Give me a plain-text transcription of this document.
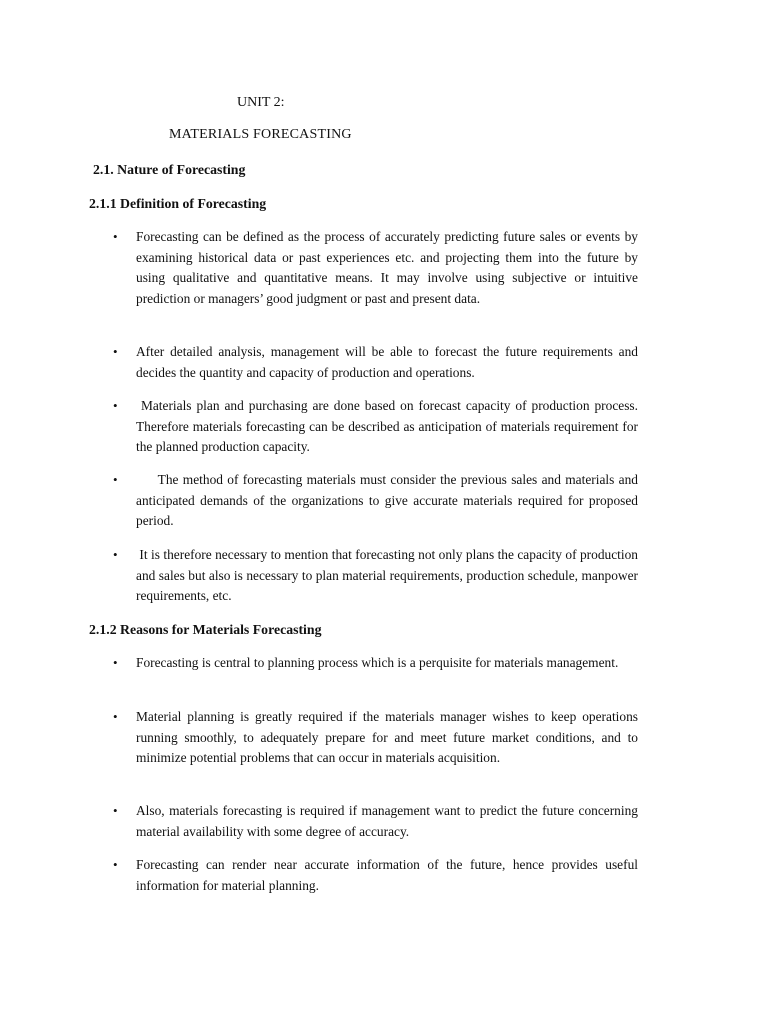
UNIT 2:
MATERIALS FORECASTING
2.1. Nature of Forecasting
2.1.1 Definition of Forecasting
•	Forecasting can be defined as the process of accurately predicting future sales or events by examining historical data or past experiences etc. and projecting them into the future by using qualitative and quantitative means. It may involve using subjective or intuitive prediction or managers’ good judgment or past and present data.
•	After detailed analysis, management will be able to forecast the future requirements and decides the quantity and capacity of production and operations.
•	Materials plan and purchasing are done based on forecast capacity of production process. Therefore materials forecasting can be described as anticipation of materials requirement for the planned production capacity.
•	The method of forecasting materials must consider the previous sales and materials and anticipated demands of the organizations to give accurate materials required for proposed period.
•	It is therefore necessary to mention that forecasting not only plans the capacity of production and sales but also is necessary to plan material requirements, production schedule, manpower requirements, etc.
2.1.2 Reasons for Materials Forecasting
•	Forecasting is central to planning process which is a perquisite for materials management.
•	Material planning is greatly required if the materials manager wishes to keep operations running smoothly, to adequately prepare for and meet future market conditions, and to minimize potential problems that can occur in materials acquisition.
•	Also, materials forecasting is required if management want to predict the future concerning material availability with some degree of accuracy.
•	Forecasting can render near accurate information of the future, hence provides useful information for material planning.
